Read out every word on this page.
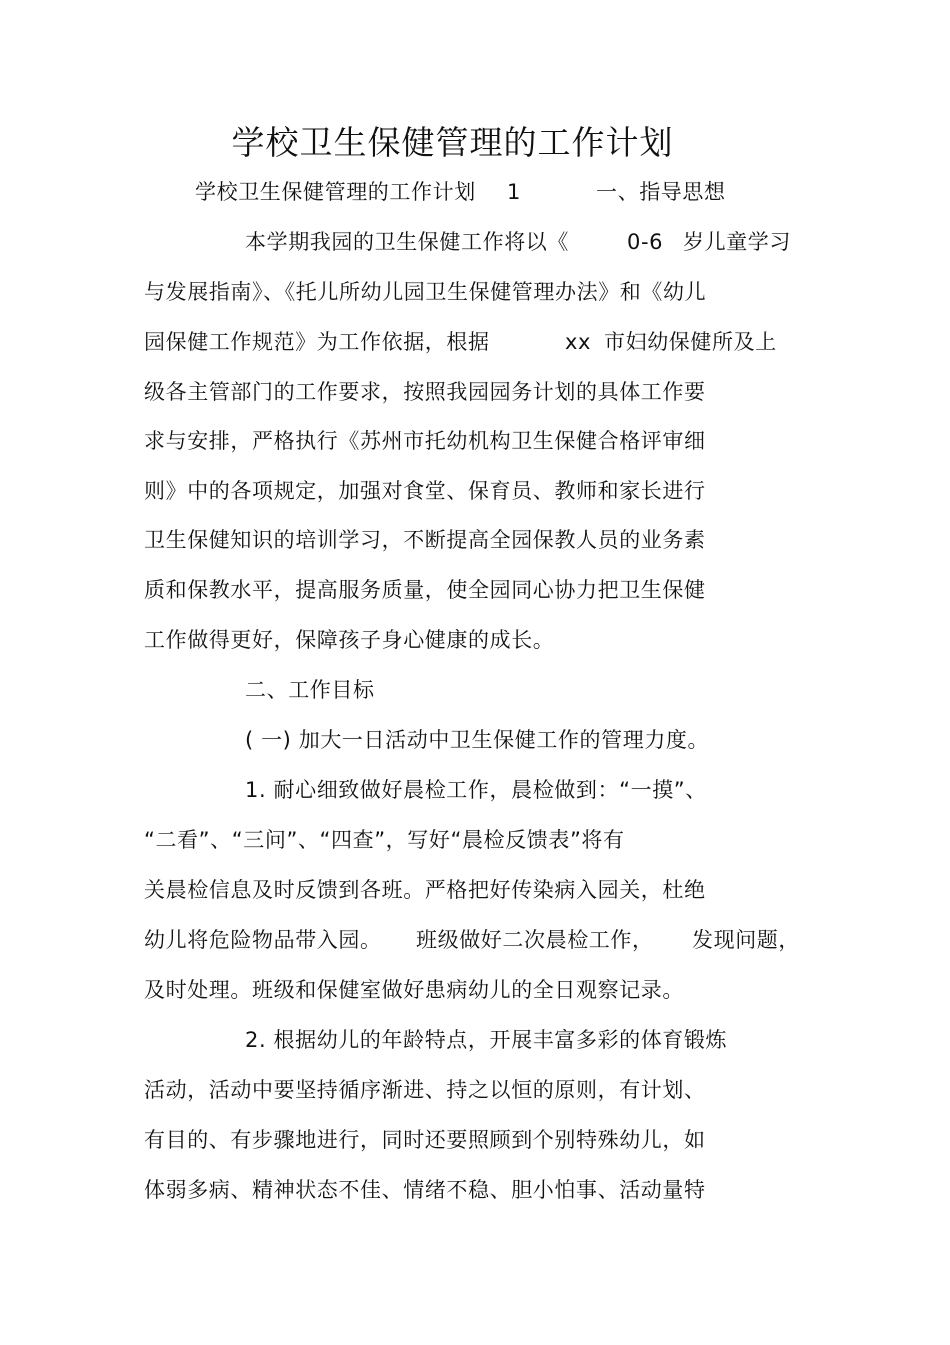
学校卫生保健管理的工作计划
学校卫生保健管理的工作计划 1	一、指导思想
本学期我园的卫生保健工作将以《	0-6 岁儿童学习
与发展指南》、《托儿所幼儿园卫生保健管理办法》和《幼儿
园保健工作规范》为工作依据，根据	xx 市妇幼保健所及上
级各主管部门的工作要求，按照我园园务计划的具体工作要
求与安排，严格执行《苏州市托幼机构卫生保健合格评审细
则》中的各项规定，加强对食堂、保育员、教师和家长进行
卫生保健知识的培训学习，不断提高全园保教人员的业务素
质和保教水平，提高服务质量，使全园同心协力把卫生保健
工作做得更好，保障孩子身心健康的成长。
二、工作目标
( 一) 加大一日活动中卫生保健工作的管理力度。
1. 耐心细致做好晨检工作，晨检做到：“一摸”、
“二看”、“三问”、“四查”，写好“晨检反馈表”将有
关晨检信息及时反馈到各班。严格把好传染病入园关，杜绝
幼儿将危险物品带入园。 班级做好二次晨检工作， 发现问题，
及时处理。班级和保健室做好患病幼儿的全日观察记录。
2. 根据幼儿的年龄特点，开展丰富多彩的体育锻炼
活动，活动中要坚持循序渐进、持之以恒的原则，有计划、
有目的、有步骤地进行，同时还要照顾到个别特殊幼儿，如
体弱多病、精神状态不佳、情绪不稳、胆小怕事、活动量特
